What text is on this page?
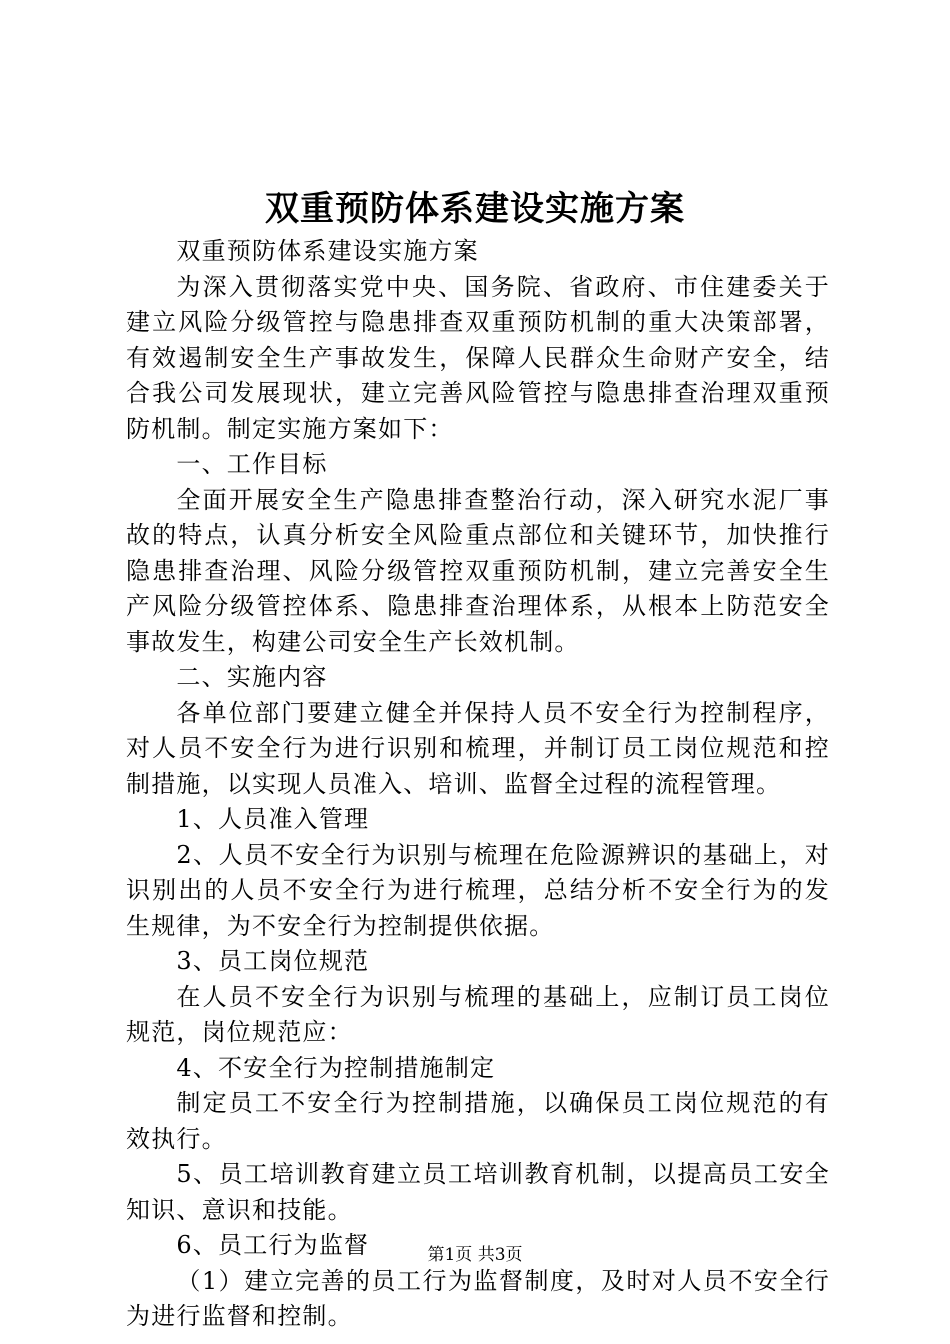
双重预防体系建设实施方案

双重预防体系建设实施方案

为深入贯彻落实党中央、国务院、省政府、市住建委关于建立风险分级管控与隐患排查双重预防机制的重大决策部署，有效遏制安全生产事故发生，保障人民群众生命财产安全，结合我公司发展现状，建立完善风险管控与隐患排查治理双重预防机制。制定实施方案如下：

一、工作目标

全面开展安全生产隐患排查整治行动，深入研究水泥厂事故的特点，认真分析安全风险重点部位和关键环节，加快推行隐患排查治理、风险分级管控双重预防机制，建立完善安全生产风险分级管控体系、隐患排查治理体系，从根本上防范安全事故发生，构建公司安全生产长效机制。

二、实施内容

各单位部门要建立健全并保持人员不安全行为控制程序，对人员不安全行为进行识别和梳理，并制订员工岗位规范和控制措施，以实现人员准入、培训、监督全过程的流程管理。

1、人员准入管理

2、人员不安全行为识别与梳理在危险源辨识的基础上，对识别出的人员不安全行为进行梳理，总结分析不安全行为的发生规律，为不安全行为控制提供依据。

3、员工岗位规范

在人员不安全行为识别与梳理的基础上，应制订员工岗位规范，岗位规范应：

4、不安全行为控制措施制定

制定员工不安全行为控制措施，以确保员工岗位规范的有效执行。

5、员工培训教育建立员工培训教育机制，以提高员工安全知识、意识和技能。

6、员工行为监督

（1）建立完善的员工行为监督制度，及时对人员不安全行为进行监督和控制。

第1页 共3页
